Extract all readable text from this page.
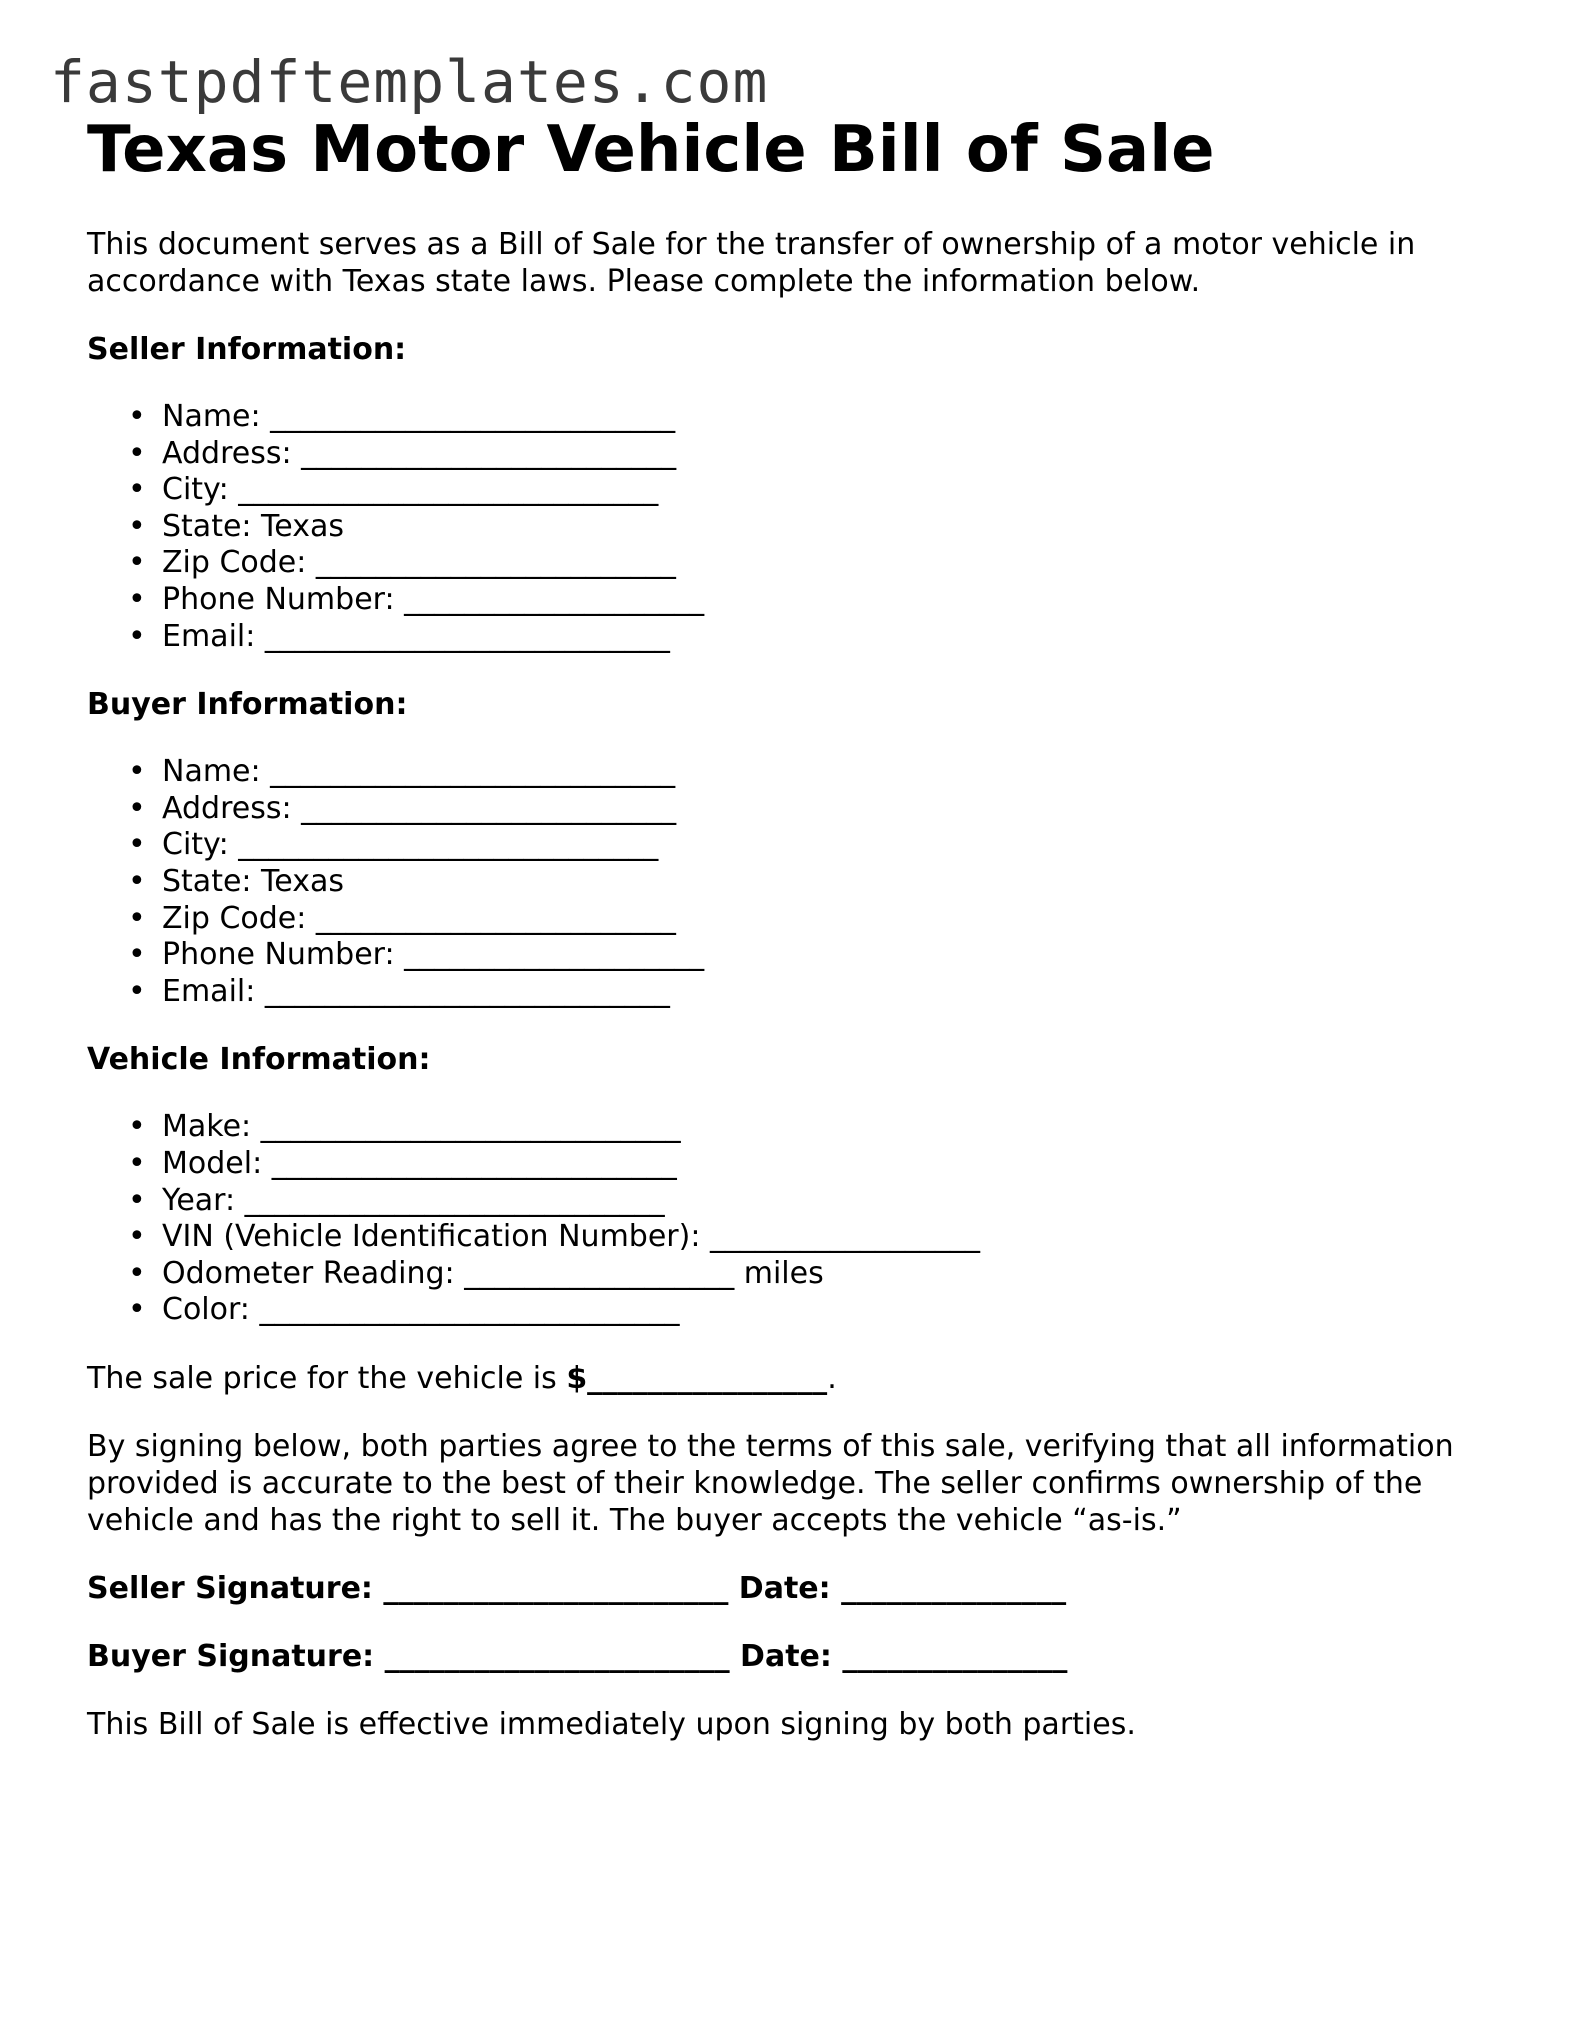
fastpdftemplates.com
Texas Motor Vehicle Bill of Sale

This document serves as a Bill of Sale for the transfer of ownership of a motor vehicle in accordance with Texas state laws. Please complete the information below.

Seller Information:

• Name: ___________________________
• Address: _________________________
• City: ____________________________
• State: Texas
• Zip Code: ________________________
• Phone Number: ____________________
• Email: ___________________________

Buyer Information:

• Name: ___________________________
• Address: _________________________
• City: ____________________________
• State: Texas
• Zip Code: ________________________
• Phone Number: ____________________
• Email: ___________________________

Vehicle Information:

• Make: ____________________________
• Model: ___________________________
• Year: ____________________________
• VIN (Vehicle Identification Number): __________________
• Odometer Reading: __________________ miles
• Color: ____________________________

The sale price for the vehicle is $________________.

By signing below, both parties agree to the terms of this sale, verifying that all information provided is accurate to the best of their knowledge. The seller confirms ownership of the vehicle and has the right to sell it. The buyer accepts the vehicle “as-is.”

Seller Signature: _______________________ Date: _______________

Buyer Signature: _______________________ Date: _______________

This Bill of Sale is effective immediately upon signing by both parties.
